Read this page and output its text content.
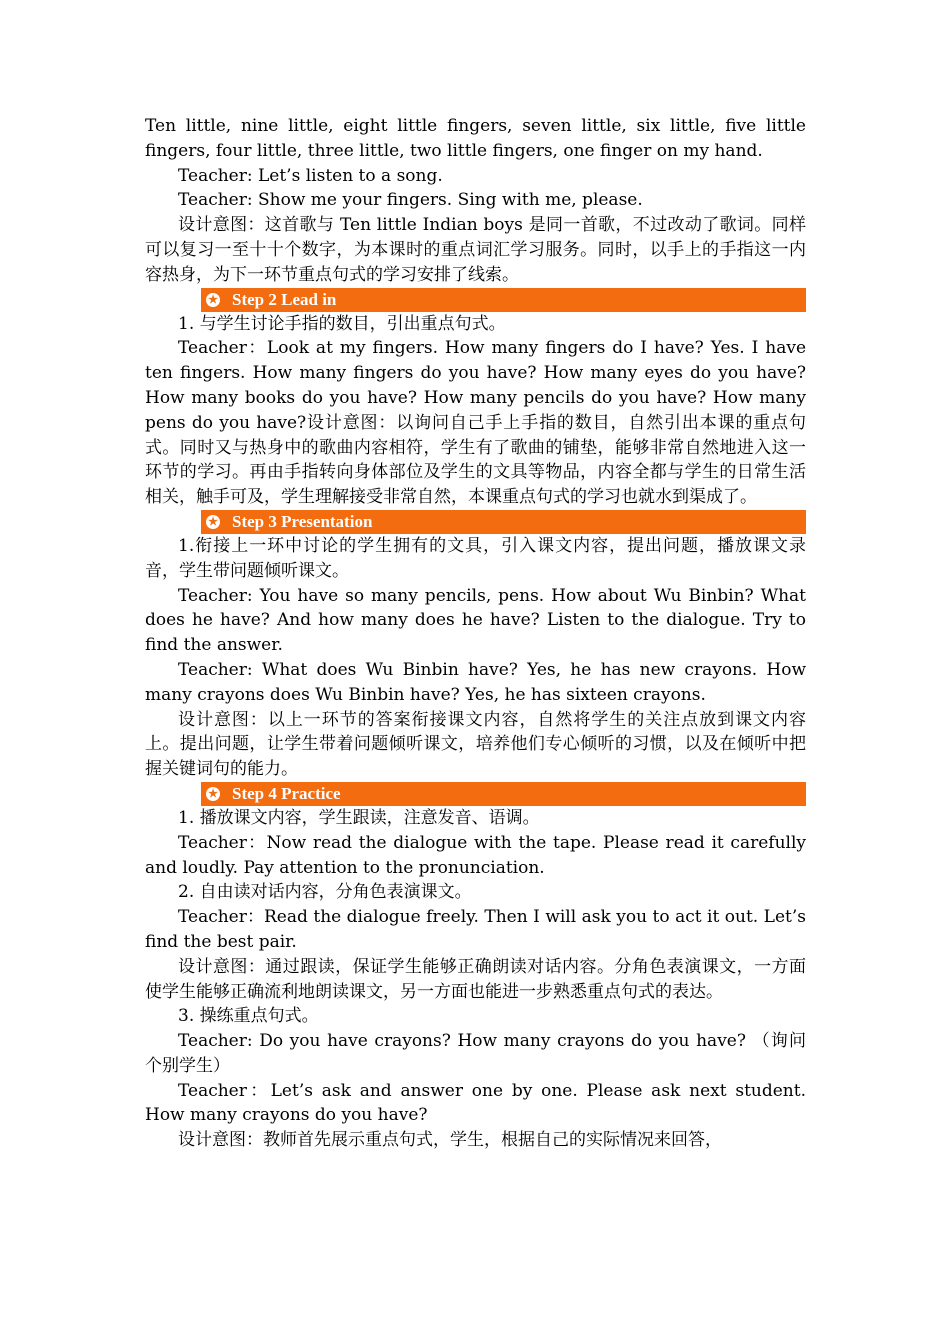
Ten little, nine little, eight little fingers, seven little, six little, five little fingers, four little, three little, two little fingers, one finger on my hand.

Teacher: Let’s listen to a song.

Teacher: Show me your fingers. Sing with me, please.

设计意图：这首歌与 Ten little Indian boys 是同一首歌，不过改动了歌词。同样可以复习一至十十个数字，为本课时的重点词汇学习服务。同时，以手上的手指这一内容热身，为下一环节重点句式的学习安排了线索。

★ Step 2 Lead in

1. 与学生讨论手指的数目，引出重点句式。

Teacher：Look at my fingers. How many fingers do I have? Yes. I have ten fingers. How many fingers do you have? How many eyes do you have? How many books do you have? How many pencils do you have? How many pens do you have?设计意图：以询问自己手上手指的数目，自然引出本课的重点句式。同时又与热身中的歌曲内容相符，学生有了歌曲的铺垫，能够非常自然地进入这一环节的学习。再由手指转向身体部位及学生的文具等物品，内容全都与学生的日常生活相关，触手可及，学生理解接受非常自然，本课重点句式的学习也就水到渠成了。

★ Step 3 Presentation

1.衔接上一环中讨论的学生拥有的文具，引入课文内容，提出问题，播放课文录音，学生带问题倾听课文。

Teacher: You have so many pencils, pens. How about Wu Binbin? What does he have? And how many does he have? Listen to the dialogue. Try to find the answer.

Teacher: What does Wu Binbin have? Yes, he has new crayons. How many crayons does Wu Binbin have? Yes, he has sixteen crayons.

设计意图：以上一环节的答案衔接课文内容，自然将学生的关注点放到课文内容上。提出问题，让学生带着问题倾听课文，培养他们专心倾听的习惯，以及在倾听中把握关键词句的能力。

★ Step 4 Practice

1. 播放课文内容，学生跟读，注意发音、语调。

Teacher：Now read the dialogue with the tape. Please read it carefully and loudly. Pay attention to the pronunciation.

2. 自由读对话内容，分角色表演课文。

Teacher：Read the dialogue freely. Then I will ask you to act it out. Let’s find the best pair.

设计意图：通过跟读，保证学生能够正确朗读对话内容。分角色表演课文，一方面使学生能够正确流利地朗读课文，另一方面也能进一步熟悉重点句式的表达。

3. 操练重点句式。

Teacher: Do you have crayons? How many crayons do you have? （询问个别学生）

Teacher：Let’s ask and answer one by one. Please ask next student. How many crayons do you have?

设计意图：教师首先展示重点句式，学生，根据自己的实际情况来回答，
